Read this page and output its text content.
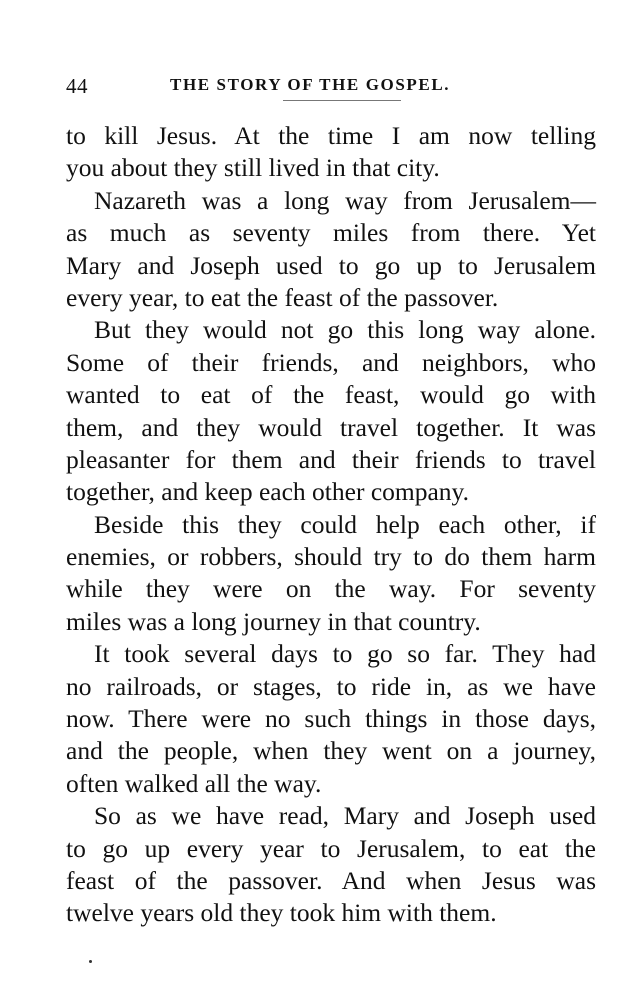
44	THE STORY OF THE GOSPEL.
to kill Jesus. At the time I am now telling
you about they still lived in that city.
Nazareth was a long way from Jerusalem—
as much as seventy miles from there. Yet
Mary and Joseph used to go up to Jerusalem
every year, to eat the feast of the passover.
But they would not go this long way alone.
Some of their friends, and neighbors, who
wanted to eat of the feast, would go with
them, and they would travel together. It was
pleasanter for them and their friends to travel
together, and keep each other company.
Beside this they could help each other, if
enemies, or robbers, should try to do them harm
while they were on the way. For seventy
miles was a long journey in that country.
It took several days to go so far. They had
no railroads, or stages, to ride in, as we have
now. There were no such things in those days,
and the people, when they went on a journey,
often walked all the way.
So as we have read, Mary and Joseph used
to go up every year to Jerusalem, to eat the
feast of the passover. And when Jesus was
twelve years old they took him with them.
